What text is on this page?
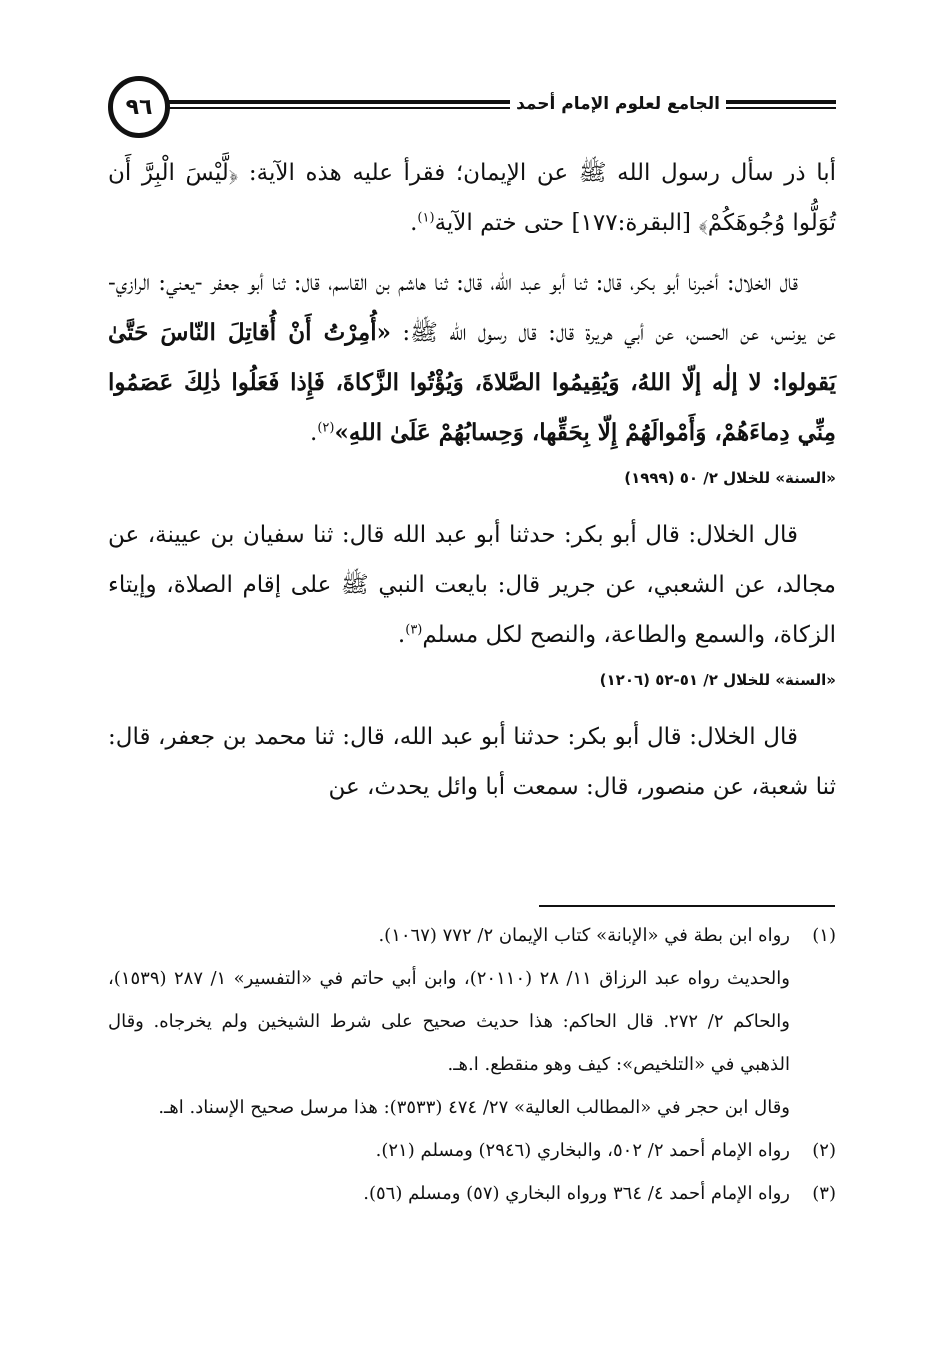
٩٦	الجامع لعلوم الإمام أحمد

أبا ذر سأل رسول الله ﷺ عن الإيمان؛ فقرأ عليه هذه الآية: ﴿لَّيْسَ الْبِرَّ أَن تُوَلُّوا وُجُوهَكُمْ﴾ [البقرة:١٧٧] حتى ختم الآية$^{(١)}$.

قال الخلال: أخبرنا أبو بكر، قال: ثنا أبو عبد الله، قال: ثنا هاشم بن القاسم، قال: ثنا أبو جعفر -يعني: الرازي- عن يونس، عن الحسن، عن أبي هريرة قال: قال رسول الله ﷺ: «أُمِرْتُ أَنْ أُقاتِلَ النّاسَ حَتَّىٰ يَقولوا: لا إلٰه إلّا اللهُ، وَيُقِيمُوا الصَّلاةَ، وَيُؤْتُوا الزَّكاةَ، فَإِذا فَعَلُوا ذٰلِكَ عَصَمُوا مِنِّي دِماءَهُمْ، وَأَمْوالَهُمْ إِلّا بِحَقِّها، وَحِسابُهُمْ عَلَىٰ اللهِ»$^{(٢)}$.

«السنة» للخلال ٢/ ٥٠ (١٩٩٩)

قال الخلال: قال أبو بكر: حدثنا أبو عبد الله قال: ثنا سفيان بن عيينة، عن مجالد، عن الشعبي، عن جرير قال: بايعت النبي ﷺ على إقام الصلاة، وإيتاء الزكاة، والسمع والطاعة، والنصح لكل مسلم$^{(٣)}$.

«السنة» للخلال ٢/ ٥١-٥٢ (١٢٠٦)

قال الخلال: قال أبو بكر: حدثنا أبو عبد الله، قال: ثنا محمد بن جعفر، قال: ثنا شعبة، عن منصور، قال: سمعت أبا وائل يحدث، عن

(١)رواه ابن بطة في «الإبانة» كتاب الإيمان ٢/ ٧٧٢ (١٠٦٧).

والحديث رواه عبد الرزاق ١١/ ٢٨ (٢٠١١٠)، وابن أبي حاتم في «التفسير» ١/ ٢٨٧ (١٥٣٩)، والحاكم ٢/ ٢٧٢. قال الحاكم: هذا حديث صحيح على شرط الشيخين ولم يخرجاه. وقال الذهبي في «التلخيص»: كيف وهو منقطع. ا.هـ.

وقال ابن حجر في «المطالب العالية» ٢٧/ ٤٧٤ (٣٥٣٣): هذا مرسل صحيح الإسناد. اهـ.

(٢)رواه الإمام أحمد ٢/ ٥٠٢، والبخاري (٢٩٤٦) ومسلم (٢١).

(٣)رواه الإمام أحمد ٤/ ٣٦٤ ورواه البخاري (٥٧) ومسلم (٥٦).
